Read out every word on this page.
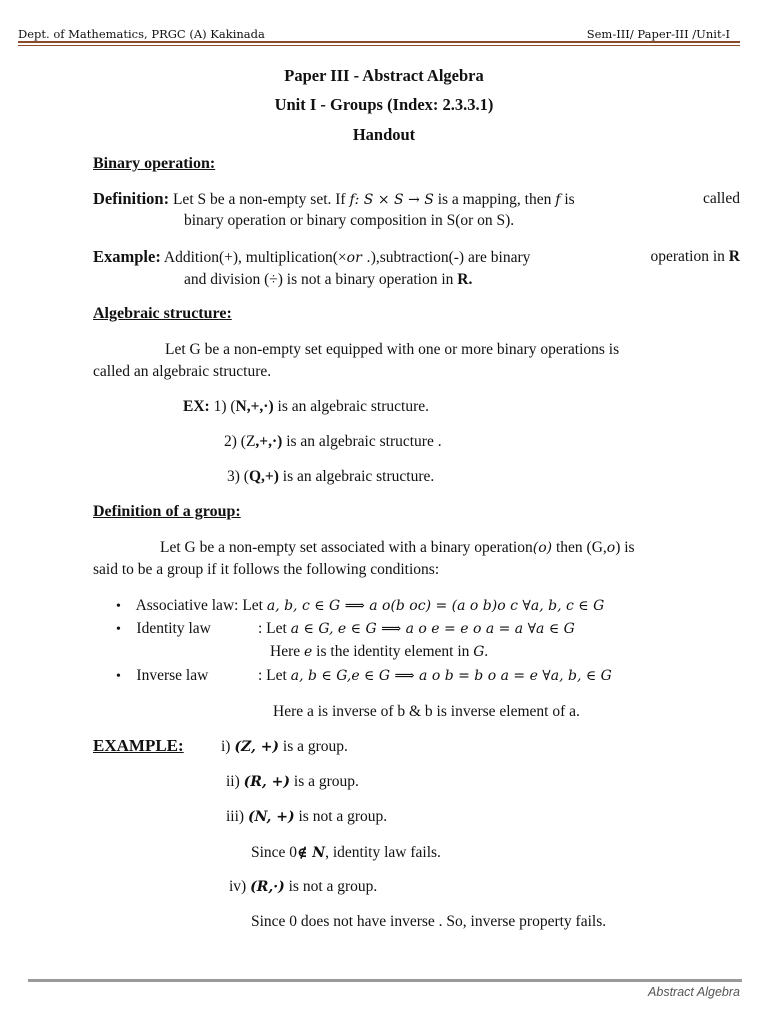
Dept. of Mathematics, PRGC (A) Kakinada	Sem-III/ Paper-III /Unit-I
Paper III - Abstract Algebra
Unit I - Groups (Index: 2.3.3.1)
Handout
Binary operation:
Definition: Let S be a non-empty set. If f: S × S → S is a mapping, then f is	called
binary operation or binary composition in S(or on S).
Example: Addition(+), multiplication(×or .),subtraction(-) are binary	operation in R
and division (÷) is not a binary operation in R.
Algebraic structure:
Let G be a non-empty set equipped with one or more binary operations is
called an algebraic structure.
EX: 1) (N,+,·) is an algebraic structure.
2) (Z,+,·) is an algebraic structure .
3) (Q,+) is an algebraic structure.
Definition of a group:
Let G be a non-empty set associated with a binary operation(o) then (G,o) is
said to be a group if it follows the following conditions:
• Associative law: Let a, b, c ∈ G ⟹ a o(b oc) = (a o b)o c ∀a, b, c ∈ G
• Identity law	: Let a ∈ G, e ∈ G ⟹ a o e = e o a = a ∀a ∈ G
Here e is the identity element in G.
• Inverse law	: Let a, b ∈ G,e ∈ G ⟹ a o b = b o a = e ∀a, b, ∈ G
Here a is inverse of b & b is inverse element of a.
EXAMPLE: i) (Z, +) is a group.
ii) (R, +) is a group.
iii) (N, +) is not a group.
Since 0∉ N, identity law fails.
iv) (R,·) is not a group.
Since 0 does not have inverse . So, inverse property fails.
Abstract Algebra
